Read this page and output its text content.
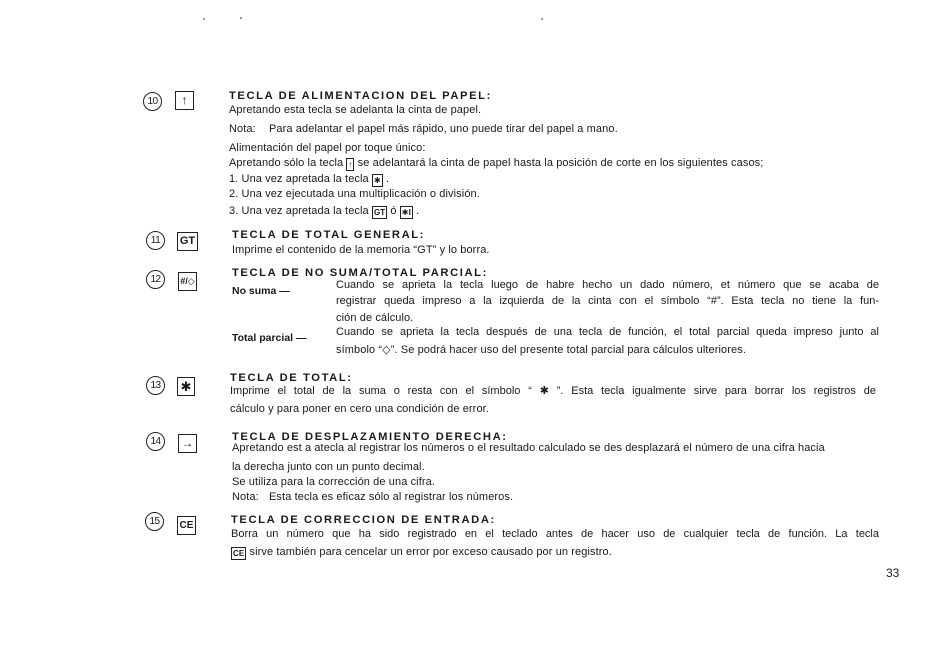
10	↑	TECLA DE ALIMENTACION DEL PAPEL:
Apretando esta tecla se adelanta la cinta de papel.
Nota: Para adelantar el papel más rápido, uno puede tirar del papel a mano.
Alimentación del papel por toque único:
Apretando sólo la tecla ↑ se adelantará la cinta de papel hasta la posición de corte en los siguientes casos;
1. Una vez apretada la tecla ✱ .
2. Una vez ejecutada una multiplicación o división.
3. Una vez apretada la tecla GT ó ✱I .
11	GT	TECLA DE TOTAL GENERAL:
Imprime el contenido de la memoria “GT” y lo borra.
12	#/◇
TECLA DE NO SUMA/TOTAL PARCIAL:
No suma —	Cuando se aprieta la tecla luego de habre hecho un dado número, et número que se acaba de
registrar queda impreso a la izquierda de la cinta con el símbolo “#”. Esta tecla no tiene la fun-
ción de cálculo.
Total parcial —	Cuando se aprieta la tecla después de una tecla de función, el total parcial queda impreso junto al
símbolo “◇”. Se podrá hacer uso del presente total parcial para cálculos ulteriores.
13	✱
TECLA DE TOTAL:
Imprime el total de la suma o resta con el símbolo “ ✱ ”. Esta tecla igualmente sirve para borrar los registros de
cálculo y para poner en cero una condición de error.
14	→	TECLA DE DESPLAZAMIENTO DERECHA:
Apretando est a atecla al registrar los números o el resultado calculado se des desplazará el número de una cifra hacia
la derecha junto con un punto decimal.
Se utiliza para la corrección de una cifra.
Nota: Esta tecla es eficaz sólo al registrar los números.
15	CE	TECLA DE CORRECCION DE ENTRADA:
Borra un número que ha sido registrado en el teclado antes de hacer uso de cualquier tecla de función. La tecla
CE sirve también para cencelar un error por exceso causado por un registro.
33
